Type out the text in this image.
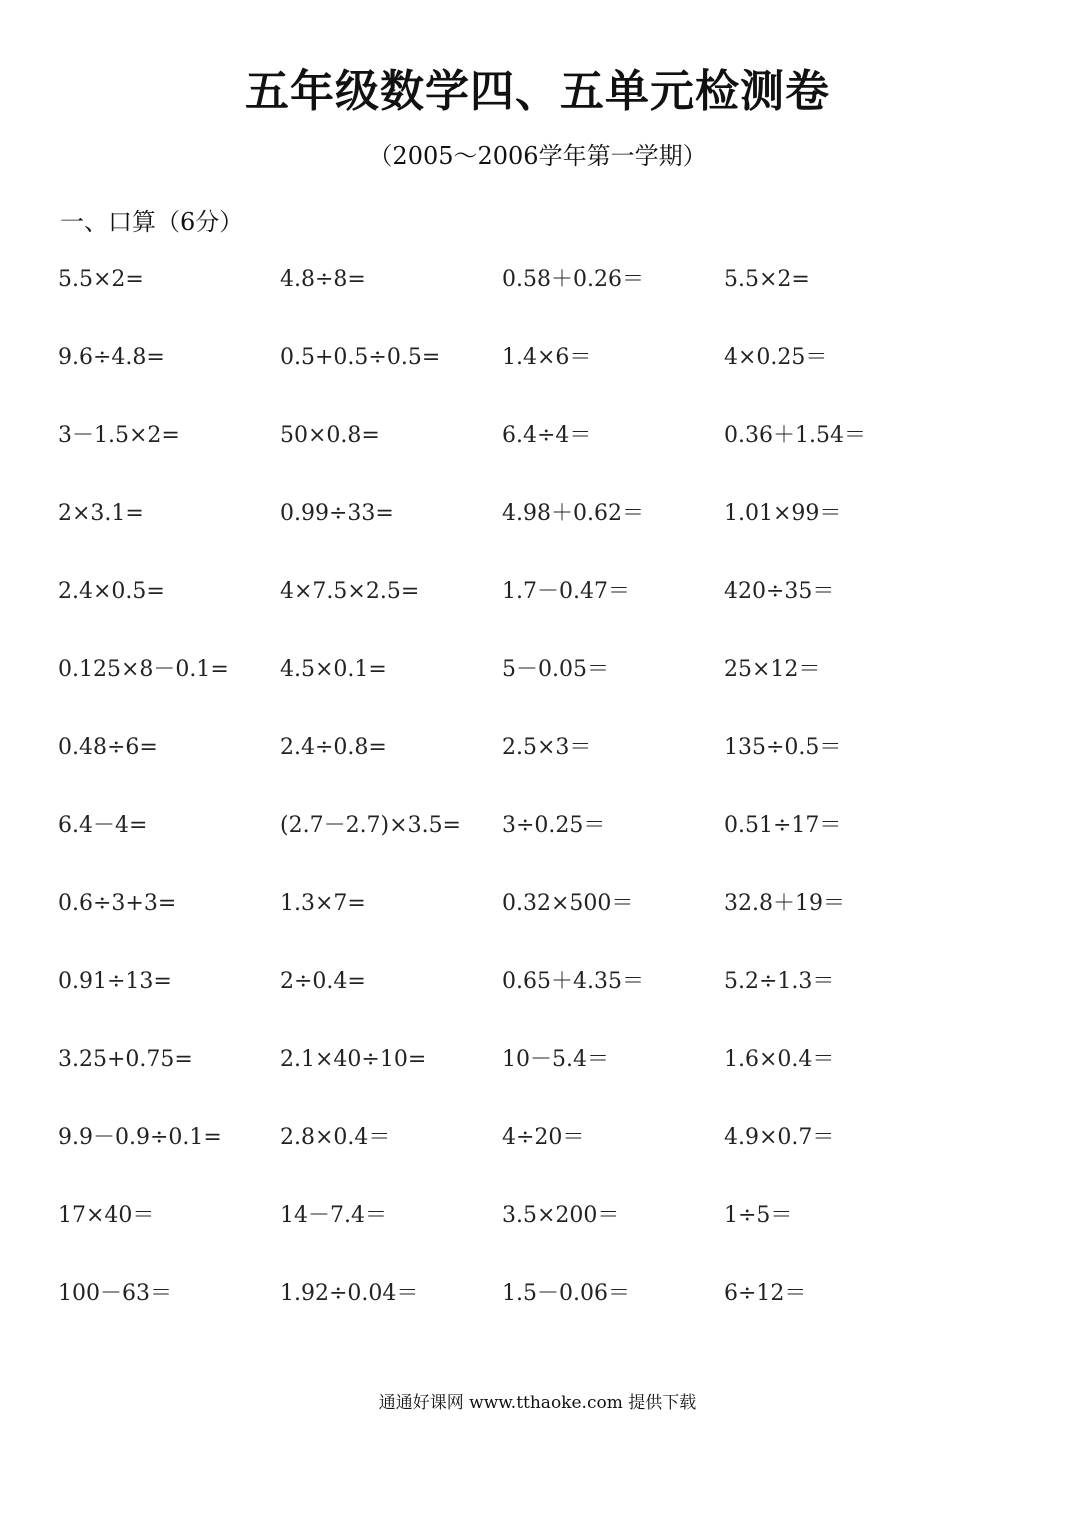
五年级数学四、五单元检测卷
（2005～2006学年第一学期）
一、口算（6分）
5.5×2=	4.8÷8=	0.58＋0.26＝	5.5×2=
9.6÷4.8=	0.5+0.5÷0.5=	1.4×6＝	4×0.25＝
3－1.5×2=	50×0.8=	6.4÷4＝	0.36＋1.54＝
2×3.1=	0.99÷33=	4.98＋0.62＝	1.01×99＝
2.4×0.5=	4×7.5×2.5=	1.7－0.47＝	420÷35＝
0.125×8－0.1=	4.5×0.1=	5－0.05＝	25×12＝
0.48÷6=	2.4÷0.8=	2.5×3＝	135÷0.5＝
6.4－4=	(2.7－2.7)×3.5=	3÷0.25＝	0.51÷17＝
0.6÷3+3=	1.3×7=	0.32×500＝	32.8＋19＝
0.91÷13=	2÷0.4=	0.65＋4.35＝	5.2÷1.3＝
3.25+0.75=	2.1×40÷10=	10－5.4＝	1.6×0.4＝
9.9－0.9÷0.1=	2.8×0.4＝	4÷20＝	4.9×0.7＝
17×40＝	14－7.4＝	3.5×200＝	1÷5＝
100－63＝	1.92÷0.04＝	1.5－0.06＝	6÷12＝
通通好课网 www.tthaoke.com 提供下载
